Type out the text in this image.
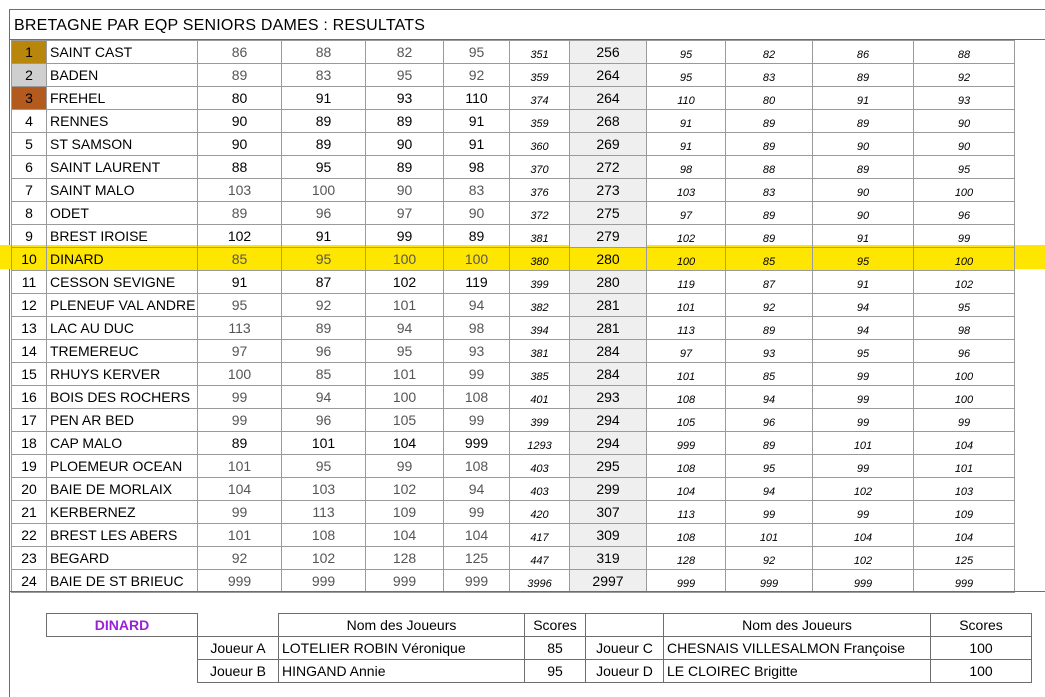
BRETAGNE PAR EQP SENIORS DAMES : RESULTATS
1	SAINT CAST	86	88	82	95	351	256	95	82	86	88
2	BADEN	89	83	95	92	359	264	95	83	89	92
3	FREHEL	80	91	93	110	374	264	110	80	91	93
4	RENNES	90	89	89	91	359	268	91	89	89	90
5	ST SAMSON	90	89	90	91	360	269	91	89	90	90
6	SAINT LAURENT	88	95	89	98	370	272	98	88	89	95
7	SAINT MALO	103	100	90	83	376	273	103	83	90	100
8	ODET	89	96	97	90	372	275	97	89	90	96
9	BREST IROISE	102	91	99	89	381	279	102	89	91	99
10	DINARD	85	95	100	100	380	280	100	85	95	100
11	CESSON SEVIGNE	91	87	102	119	399	280	119	87	91	102
12	PLENEUF VAL ANDRE	95	92	101	94	382	281	101	92	94	95
13	LAC AU DUC	113	89	94	98	394	281	113	89	94	98
14	TREMEREUC	97	96	95	93	381	284	97	93	95	96
15	RHUYS KERVER	100	85	101	99	385	284	101	85	99	100
16	BOIS DES ROCHERS	99	94	100	108	401	293	108	94	99	100
17	PEN AR BED	99	96	105	99	399	294	105	96	99	99
18	CAP MALO	89	101	104	999	1293	294	999	89	101	104
19	PLOEMEUR OCEAN	101	95	99	108	403	295	108	95	99	101
20	BAIE DE MORLAIX	104	103	102	94	403	299	104	94	102	103
21	KERBERNEZ	99	113	109	99	420	307	113	99	99	109
22	BREST LES ABERS	101	108	104	104	417	309	108	101	104	104
23	BEGARD	92	102	128	125	447	319	128	92	102	125
24	BAIE DE ST BRIEUC	999	999	999	999	3996	2997	999	999	999	999
DINARD		Nom des Joueurs	Scores		Nom des Joueurs	Scores
	Joueur A	LOTELIER ROBIN Véronique	85	Joueur C	CHESNAIS VILLESALMON Françoise	100
	Joueur B	HINGAND Annie	95	Joueur D	LE CLOIREC Brigitte	100
